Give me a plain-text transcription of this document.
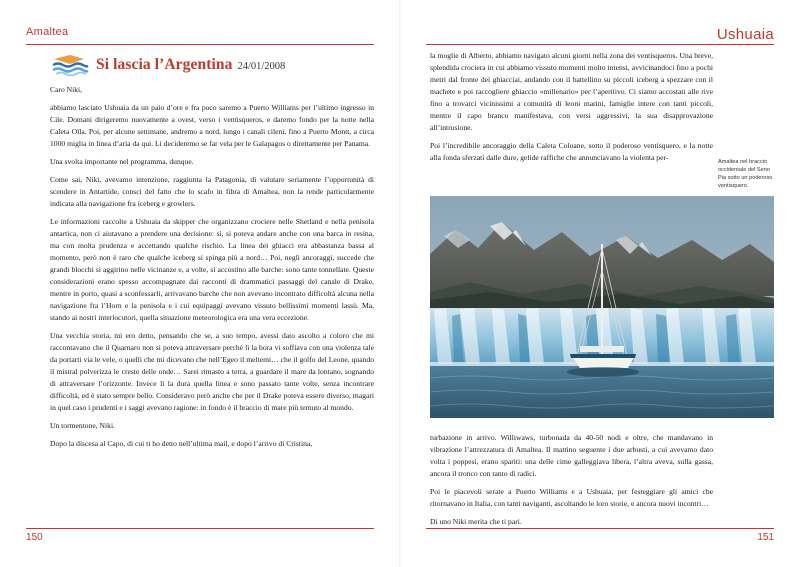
Amaltea
Si lascia l’Argentina 24/01/2008

Caro Niki,

abbiamo lasciato Ushuaia da un paio d’ore e fra poco saremo a Puerto Williams per l’ultimo ingresso in Cile. Domani dirigeremo nuovamente a ovest, verso i ventisqueros, e daremo fondo per la notte nella Caleta Olla. Poi, per alcune settimane, andremo a nord, lungo i canali cileni, fino a Puerto Montt, a circa 1000 miglia in linea d’aria da qui. Li decideremo se far vela per le Galapagos o direttamente per Panama.

Una svolta importante nel programma, dunque.

Come sai, Niki, avevamo intenzione, raggiunta la Patagonia, di valutare seriamente l’opportunità di scendere in Antartide, consci del fatto che lo scafo in fibra di Amaltea, non la rende particolarmente indicata alla navigazione fra iceberg e growlers.

Le informazioni raccolte a Ushuaia da skipper che organizzano crociere nelle Shetland e nella penisola antartica, non ci aiutavano a prendere una decisione: sì, si poteva andare anche con una barca in resina, ma con molta prudenza e accettando qualche rischio. La linea dei ghiacci era abbastanza bassa al momento, però non è raro che qualche iceberg si spinga più a nord… Poi, negli ancoraggi, succede che grandi blocchi si aggirino nelle vicinanze e, a volte, si accostino alle barche: sono tante tonnellate. Queste considerazioni erano spesso accompagnate dai racconti di drammatici passaggi del canale di Drake, mentre in porto, quasi a sconfessarli, arrivavano barche che non avevano incontrato difficoltà alcuna nella navigazione fra l’Horn e la penisola e i cui equipaggi avevano vissuto bellissimi momenti lassù. Ma, stando ai nostri interlocutori, quella situazione meteorologica era una vera eccezione.

Una vecchia storia, mi ero detto, pensando che se, a suo tempo, avessi dato ascolto a coloro che mi raccontavano che il Quarnaro non si poteva attraversare perché lì la bora vi soffiava con una violenza tale da portarti via le vele, o quelli che mi dicevano che nell’Egeo il meltemi… che il golfo del Leone, quando il mistral polverizza le creste delle onde… Sarei rimasto a terra, a guardare il mare da lontano, sognando di attraversare l’orizzonte. Invece lì la dura quella linea e sono passato tante volte, senza incontrare difficoltà, ed è stato sempre bello. Consideravo però anche che per il Drake poteva essere diverso, magari in quel caso i prudenti e i saggi avevano ragione: in fondo è il braccio di mare più temuto al mondo.

Un tormentone, Niki.

Dopo la discesa al Capo, di cui ti ho detto nell’ultima mail, e dopo l’arrivo di Cristina,

150
Ushuaia
151

la moglie di Alberto, abbiamo navigato alcuni giorni nella zona dei ventisqueros. Una breve, splendida crociera in cui abbiamo vissuto momenti molto intensi, avvicinandoci fino a pochi metri dal fronte dei ghiacciai, andando con il battellino su piccoli iceberg a spezzare con il machete e poi raccogliere ghiaccio «millenario» per l’aperitivo. Ci siamo accostati alle rive fino a trovarci vicinissimi a comunità di leoni marini, famiglie intere con tanti piccoli, mentre il capo branco manifestava, con versi aggressivi, la sua disapprovazione all’intrusione.

Poi l’incredibile ancoraggio della Caleta Coloane, sotto il poderoso ventisquero, e la notte alla fonda sferzati dalle dure, gelide raffiche che annunciavano la violenta per-

Amaltea nel braccio occidentale del Seno Pia sotto un poderoso ventisquero.

turbazione in arrivo. Williwaws, turbonada da 40-50 nodi e oltre, che mandavano in vibrazione l’attrezzatura di Amaltea. Il mattino seguente i due arbusti, a cui avevamo dato volta i poppesi, erano spariti: una delle cime galleggiava libera, l’altra aveva, sulla gassa, ancora il tronco con tanto di radici.

Poi le piacevoli serate a Puerto Williams e a Ushuaia, per festeggiare gli amici che ritornavano in Italia, con tanti naviganti, ascoltando le loro storie, e ancora nuovi incontri…

Di uno Niki merita che ti pari.
